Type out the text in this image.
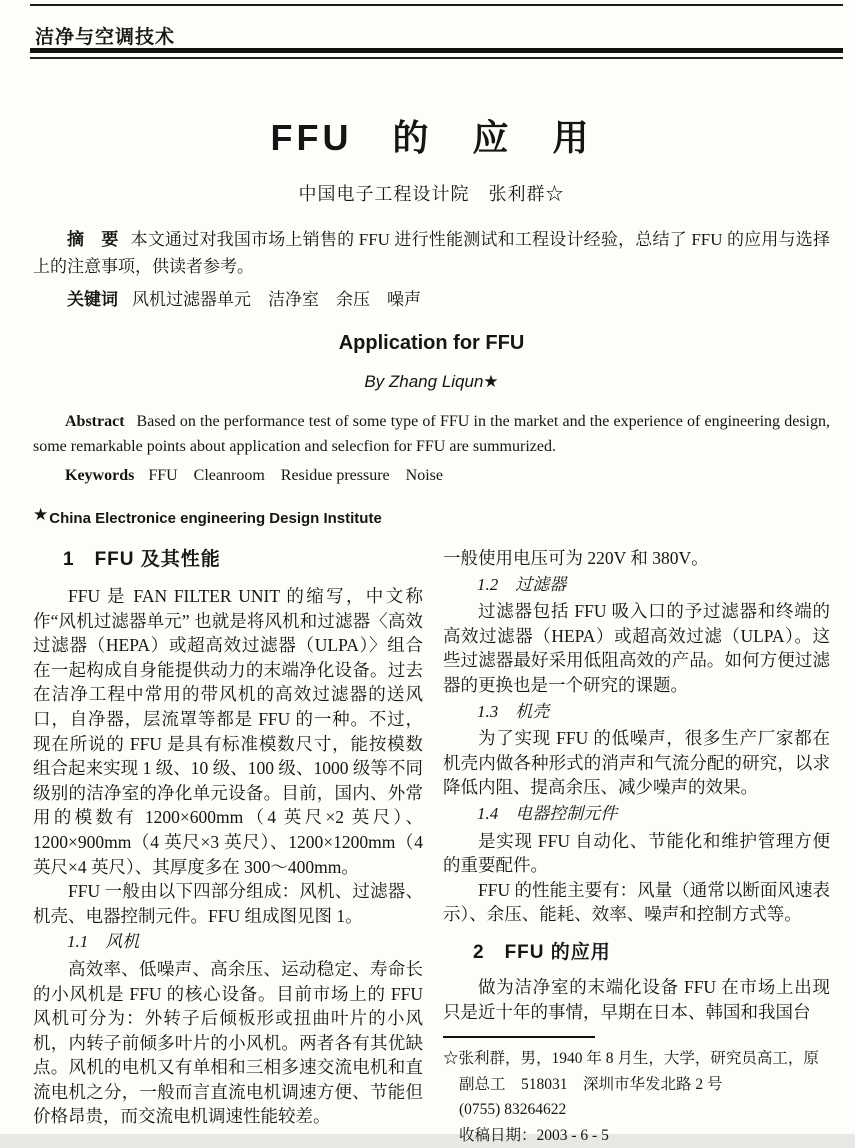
洁净与空调技术
FFU　的　应　用
中国电子工程设计院　张利群☆

摘　要 本文通过对我国市场上销售的 FFU 进行性能测试和工程设计经验，总结了 FFU 的应用与选择上的注意事项，供读者参考。

关键词 风机过滤器单元　洁净室　余压　噪声

Application for FFU
By Zhang Liqun★

Abstract Based on the performance test of some type of FFU in the market and the experience of engineering design, some remarkable points about application and selecfion for FFU are summurized.

Keywords FFU　Cleanroom　Residue pressure　Noise

★China Electronice engineering Design Institute
1　FFU 及其性能

FFU 是 FAN FILTER UNIT 的缩写，中文称作“风机过滤器单元” 也就是将风机和过滤器〈高效过滤器（HEPA）或超高效过滤器（ULPA）〉组合在一起构成自身能提供动力的末端净化设备。过去在洁净工程中常用的带风机的高效过滤器的送风口，自净器，层流罩等都是 FFU 的一种。不过，现在所说的 FFU 是具有标准模数尺寸，能按模数组合起来实现 1 级、10 级、100 级、1000 级等不同级别的洁净室的净化单元设备。目前，国内、外常用的模数有 1200×600mm（4 英尺×2 英尺）、1200×900mm（4 英尺×3 英尺）、1200×1200mm（4 英尺×4 英尺）、其厚度多在 300～400mm。

FFU 一般由以下四部分组成：风机、过滤器、机壳、电器控制元件。FFU 组成图见图 1。

1.1　风机

高效率、低噪声、高余压、运动稳定、寿命长的小风机是 FFU 的核心设备。目前市场上的 FFU 风机可分为：外转子后倾板形或扭曲叶片的小风机，内转子前倾多叶片的小风机。两者各有其优缺点。风机的电机又有单相和三相多速交流电机和直流电机之分，一般而言直流电机调速方便、节能但价格昂贵，而交流电机调速性能较差。

一般使用电压可为 220V 和 380V。

1.2　过滤器

过滤器包括 FFU 吸入口的予过滤器和终端的高效过滤器（HEPA）或超高效过滤（ULPA）。这些过滤器最好采用低阻高效的产品。如何方便过滤器的更换也是一个研究的课题。

1.3　机壳

为了实现 FFU 的低噪声，很多生产厂家都在机壳内做各种形式的消声和气流分配的研究，以求降低内阻、提高余压、减少噪声的效果。

1.4　电器控制元件

是实现 FFU 自动化、节能化和维护管理方便的重要配件。

FFU 的性能主要有：风量（通常以断面风速表示）、余压、能耗、效率、噪声和控制方式等。

2　FFU 的应用

做为洁净室的末端化设备 FFU 在市场上出现只是近十年的事情，早期在日本、韩国和我国台

☆张利群，男，1940 年 8 月生，大学，研究员高工，原
副总工　518031　深圳市华发北路 2 号
(0755) 83264622
收稿日期：2003 - 6 - 5
